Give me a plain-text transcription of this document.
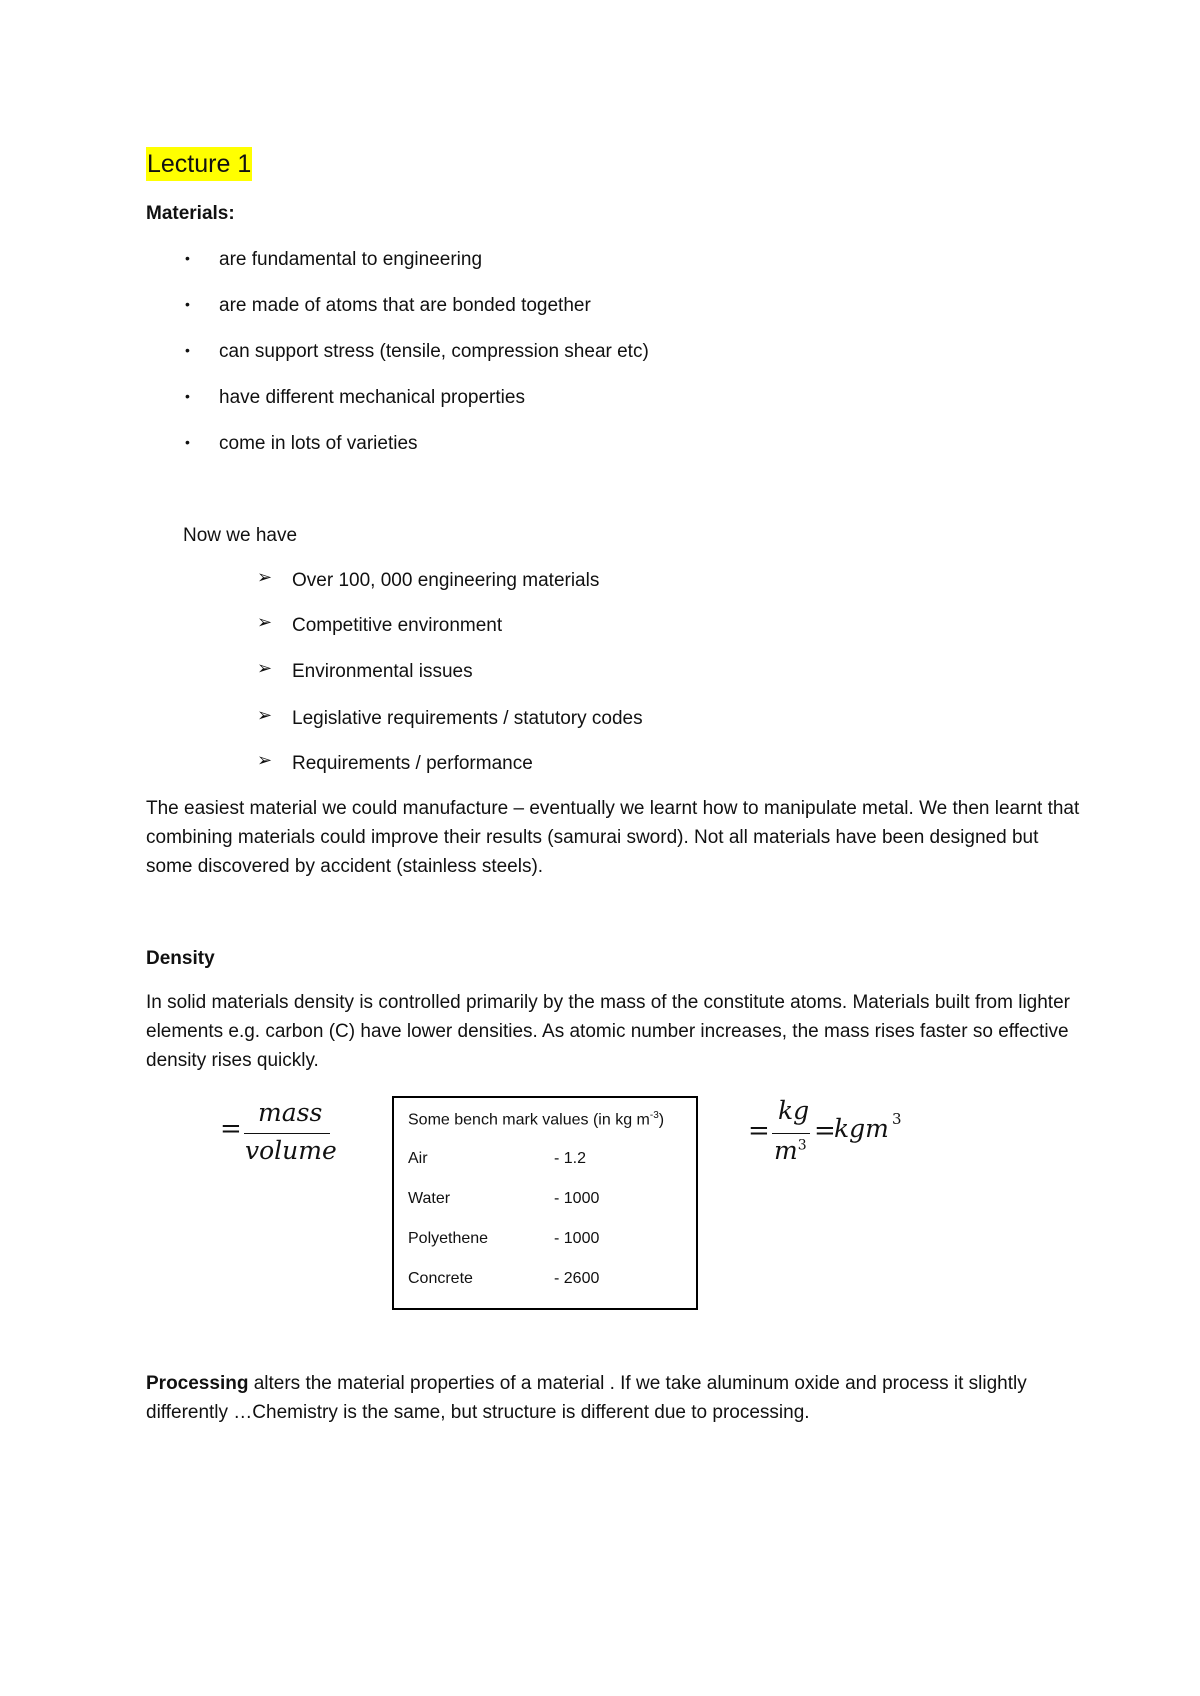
Lecture 1
Materials:
• are fundamental to engineering
• are made of atoms that are bonded together
• can support stress (tensile, compression shear etc)
• have different mechanical properties
• come in lots of varieties
Now we have
➢ Over 100, 000 engineering materials
➢ Competitive environment
➢ Environmental issues
➢ Legislative requirements / statutory codes
➢ Requirements / performance
The easiest material we could manufacture – eventually we learnt how to manipulate metal. We then learnt that combining materials could improve their results (samurai sword). Not all materials have been designed but some discovered by accident (stainless steels).
Density
In solid materials density is controlled primarily by the mass of the constitute atoms. Materials built from lighter elements e.g. carbon (C) have lower densities. As atomic number increases, the mass rises faster so effective density rises quickly.
=
mass
volume
Some bench mark values (in kg $m^{-3}$)
Air	- 1.2
Water	- 1000
Polyethene	- 1000
Concrete	- 2600
=
kg
$m^3$ =
kgm 3
Processing alters the material properties of a material . If we take aluminum oxide and process it slightly differently …Chemistry is the same, but structure is different due to processing.
